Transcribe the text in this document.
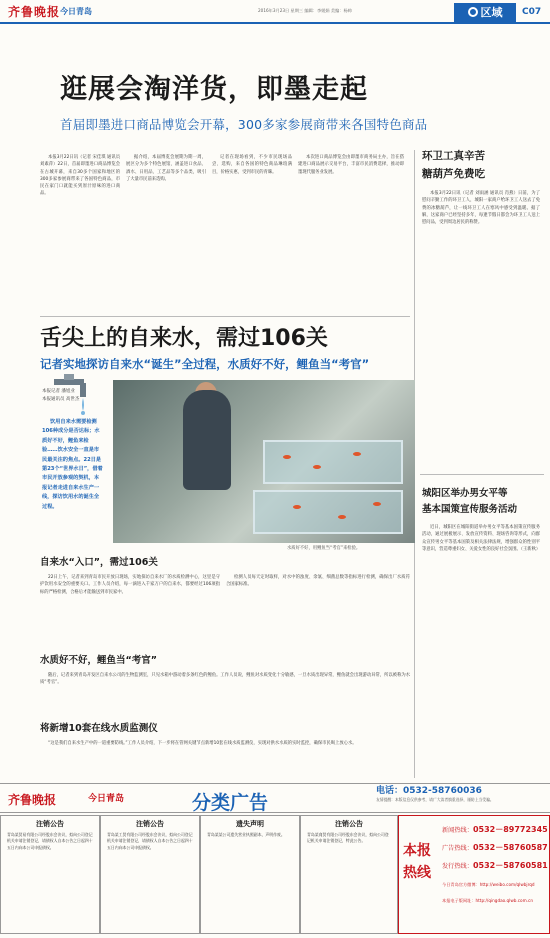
齐鲁晚报 今日青岛	2016年3月23日 星期三 编辑：李媛娟 美编：杨帅	区域	C07
逛展会淘洋货，即墨走起
首届即墨进口商品博览会开幕，300多家参展商带来各国特色商品
本报3月22日讯（记者 宋佳琪 通讯员 刘素萍）22日，首届即墨进口商品博览会在古城开幕，来自30多个国家和地区的300多家参展商带来了各国特色商品，市民在家门口就能买到原汁原味的进口商品。
据介绍，本届博览会展期为期一周，展区分为多个特色展馆，涵盖进口食品、酒水、日用品、工艺品等多个品类，吸引了大量市民前来选购。
记者在现场看到，不少市民现场品尝、选购，来自各国的特色商品琳琅满目，价格实惠，受到市民的青睐。
本次进口商品博览会由即墨市商务局主办，旨在搭建进口商品展示交易平台，丰富市民消费选择，推动即墨现代服务业发展。
环卫工真辛苦
糖葫芦免费吃
本报3月22日讯（记者 刘雨涵 通讯员 肖燕）日前，为了慰问辛勤工作的环卫工人，城阳一家商户给环卫工人送去了免费的冰糖葫芦，让一线环卫工人在寒风中感受到温暖。据了解，这家商户已经坚持多年，每逢节假日都会为环卫工人送上慰问品，受到周边居民的称赞。
城阳区举办男女平等
基本国策宣传服务活动
近日，城阳区在城阳街道举办男女平等基本国策宣传服务活动，通过展板展示、发放宣传资料、现场咨询等形式，向群众宣传男女平等基本国策及相关法律法规，增强群众的性别平等意识，营造尊重妇女、关爱女性的良好社会氛围。（王新秋）
舌尖上的自来水，需过106关
记者实地探访自来水“诞生”全过程，水质好不好，鲤鱼当“考官”
本报记者 潘旭业
本报通讯员 高世杰
饮用自来水需要检测106种成分是否达标；水质好不好，鲤鱼来检验……饮水安全一直是市民最关注的焦点。22日是第23个“世界水日”，借着市民开放参观的契机，本报记者走进自来水生产一线，探访饮用水的诞生全过程。
水质好不好，用鲤鱼当“考官”来检验。
自来水“入口”，需过106关
22日上午，记者来到青岛市民开放日现场，实地探访自来水厂的水质检测中心，这里是守护饮用水安全的重要关口。工作人员介绍，每一滴进入千家万户的自来水，都要经过106项指标的严格检测，合格后才能输送到市民家中。
检测人员每天定时取样，对水中的浊度、余氯、细菌总数等指标进行检测，确保出厂水质符合国家标准。
水质好不好，鲤鱼当“考官”
随后，记者来到青岛开发区自来水公司的生物监测室，只见水箱中游动着多条红色的鲤鱼。工作人员说，鲤鱼对水质变化十分敏感，一旦水质出现异常，鲤鱼就会出现游动异常，所以被称为水质“考官”。
将新增10套在线水质监测仪
“这是我们自来水生产中的一道重要防线。”工作人员介绍，下一步将在管网关键节点新增10套在线水质监测仪，实现对供水水质的实时监控，确保市民喝上放心水。
齐鲁晚报	今日青岛	分类广告
电话：0532-58760036
友情提醒：本版信息仅供参考，请广大读者慎重选择，谨防上当受骗。
注销公告
青岛某贸易有限公司经股东会决议，拟向公司登记机关申请注销登记，请债权人自本公告之日起四十五日内向本公司申报债权。
注销公告
青岛某工贸有限公司经股东会决议，拟向公司登记机关申请注销登记，请债权人自本公告之日起四十五日内向本公司申报债权。
遗失声明
青岛某某公司遗失营业执照副本，声明作废。
注销公告
青岛某商贸有限公司经股东会决议，拟向公司登记机关申请注销登记，特此公告。
本报
热线
新闻热线：0532－89772345
广告热线：0532－58760587
发行热线：0532－58760581
今日青岛官方微博：http://weibo.com/qlwbjrqd
本报电子版网址：http://qingdao.qlwb.com.cn
